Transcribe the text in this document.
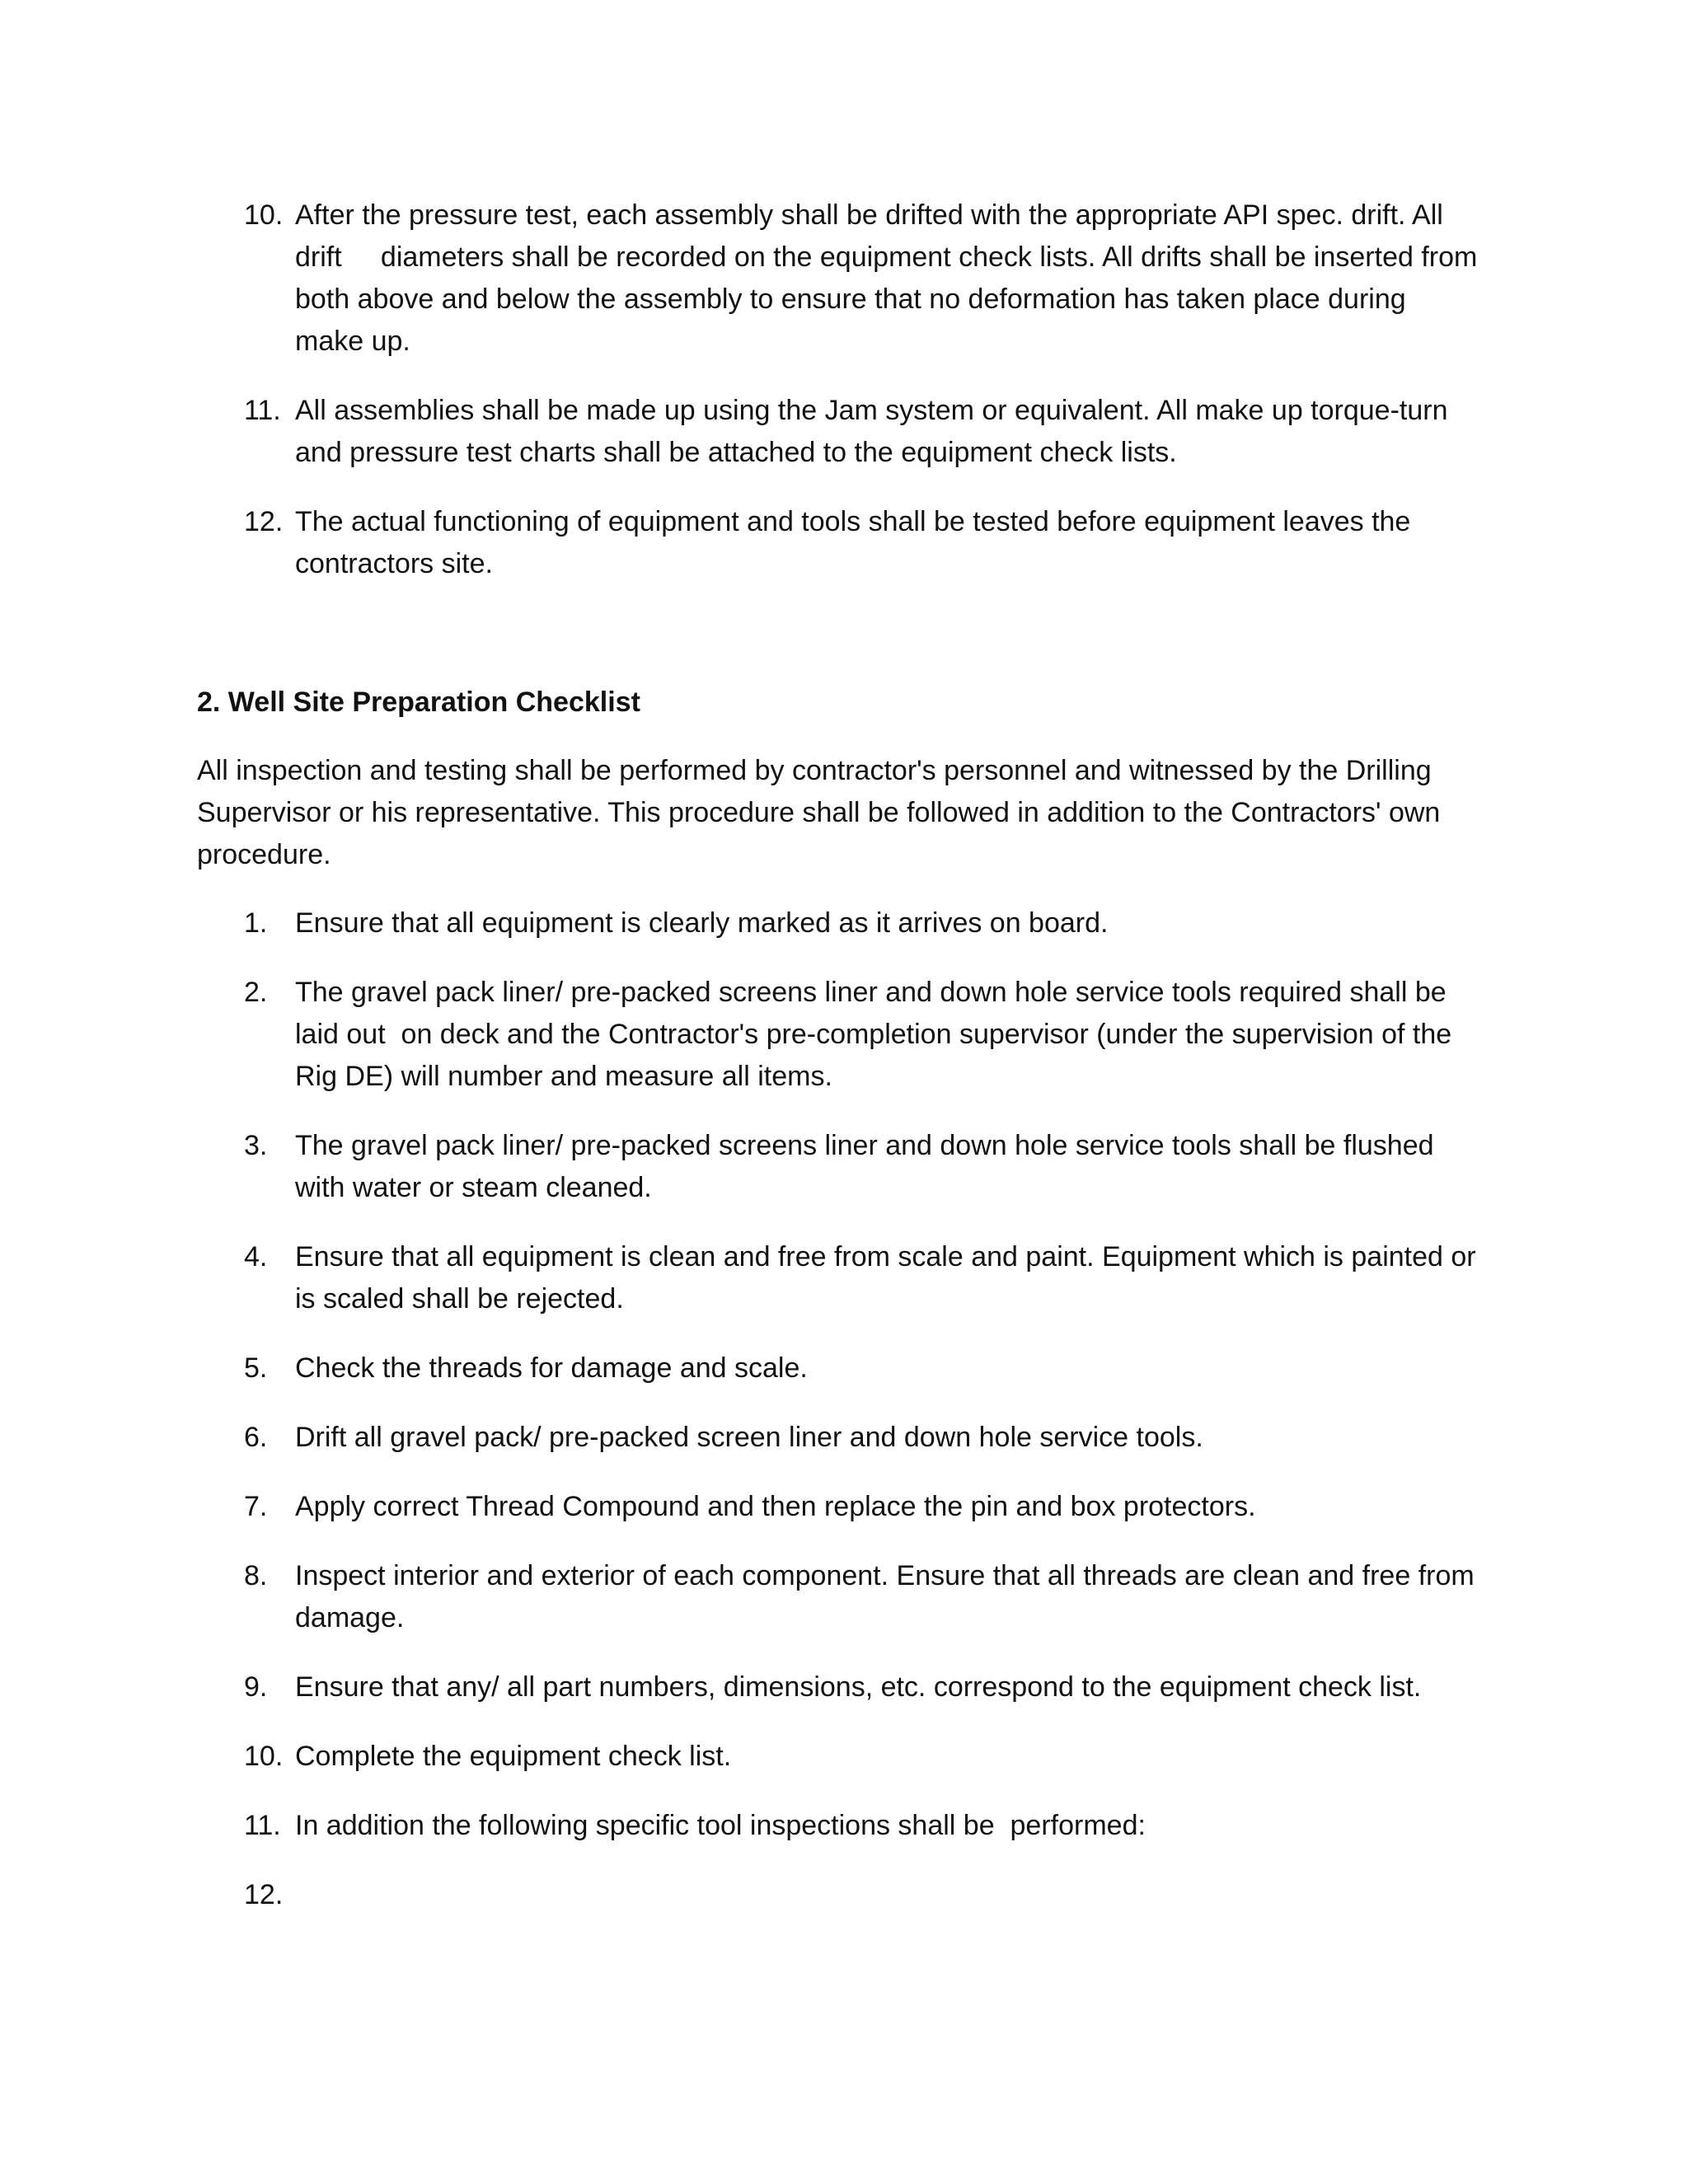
10. After the pressure test, each assembly shall be drifted with the appropriate API spec. drift. All drift     diameters shall be recorded on the equipment check lists. All drifts shall be inserted from both above and below the assembly to ensure that no deformation has taken place during make up.
11. All assemblies shall be made up using the Jam system or equivalent. All make up torque-turn and pressure test charts shall be attached to the equipment check lists.
12. The actual functioning of equipment and tools shall be tested before equipment leaves the contractors site.
2. Well Site Preparation Checklist

All inspection and testing shall be performed by contractor's personnel and witnessed by the Drilling Supervisor or his representative. This procedure shall be followed in addition to the Contractors' own procedure.

1. Ensure that all equipment is clearly marked as it arrives on board.
2. The gravel pack liner/ pre-packed screens liner and down hole service tools required shall be laid out  on deck and the Contractor's pre-completion supervisor (under the supervision of the Rig DE) will number and measure all items.
3. The gravel pack liner/ pre-packed screens liner and down hole service tools shall be flushed with water or steam cleaned.
4. Ensure that all equipment is clean and free from scale and paint. Equipment which is painted or is scaled shall be rejected.
5. Check the threads for damage and scale.
6. Drift all gravel pack/ pre-packed screen liner and down hole service tools.
7. Apply correct Thread Compound and then replace the pin and box protectors.
8. Inspect interior and exterior of each component. Ensure that all threads are clean and free from damage.
9. Ensure that any/ all part numbers, dimensions, etc. correspond to the equipment check list.
10. Complete the equipment check list.
11. In addition the following specific tool inspections shall be  performed:
12.
